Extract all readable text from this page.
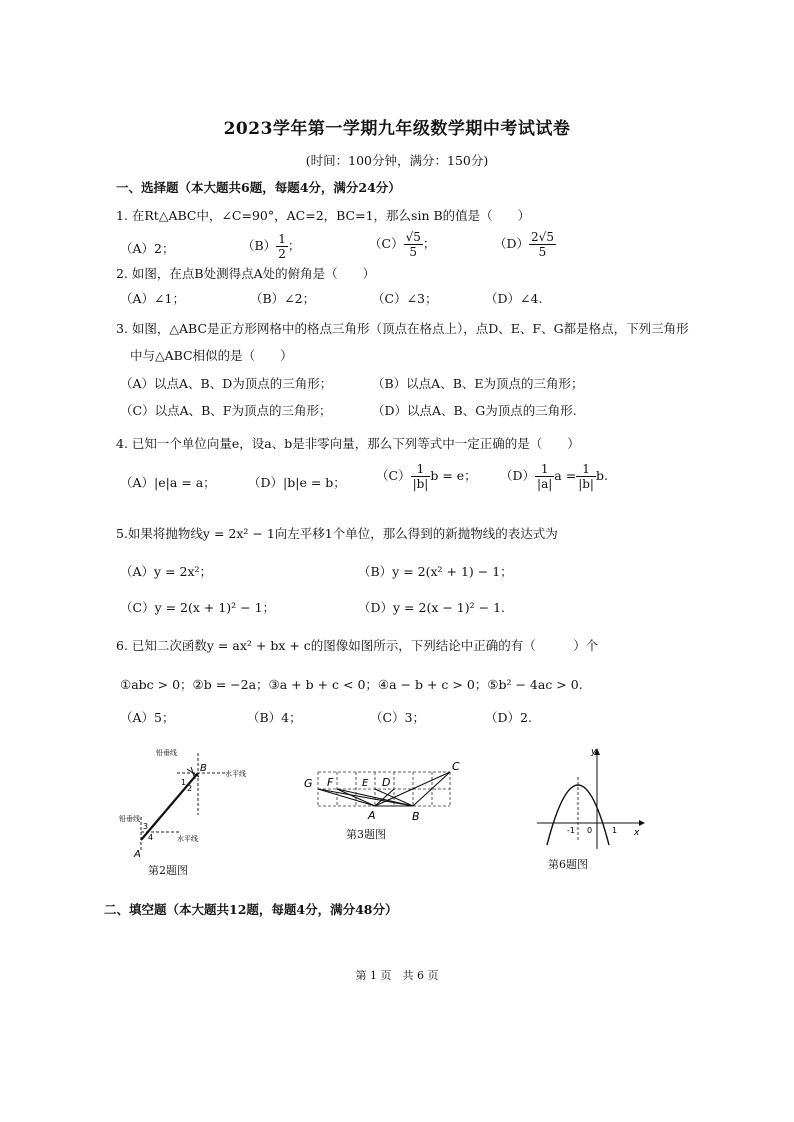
2023学年第一学期九年级数学期中考试试卷
(时间：100分钟，满分：150分)
一、选择题（本大题共6题，每题4分，满分24分）
1. 在Rt△ABC中，∠C=90°，AC=2，BC=1，那么sin B的值是（　　）
（A）2；	$(B) \frac{1}{2}$ ；	$(C) \frac{√5}{5}$ ；	$(D) \frac{2√5}{5}$
2. 如图，在点B处测得点A处的俯角是（　　）
（A）∠1；	（B）∠2；	（C）∠3；	（D）∠4.
3. 如图，△ABC是正方形网格中的格点三角形（顶点在格点上），点D、E、F、G都是格点，下列三角形
中与△ABC相似的是（　　）
（A）以点A、B、D为顶点的三角形；	（B）以点A、B、E为顶点的三角形；
（C）以点A、B、F为顶点的三角形；	（D）以点A、B、G为顶点的三角形.
4. 已知一个单位向量e，设a、b是非零向量，那么下列等式中一定正确的是（　　）
（A）|e|a = a；	（D）|b|e = b； $(C) \frac{1}{|b|}$ b = e； $(D) \frac{1}{|a|}$ $a = \frac{1}{|b|} b$.
5.如果将抛物线y = 2x² − 1向左平移1个单位，那么得到的新抛物线的表达式为
（A）y = 2x²；	（B）y = 2(x² + 1) − 1；
（C）y = 2(x + 1)² − 1；	（D）y = 2(x − 1)² − 1.
6. 已知二次函数y = ax² + bx + c的图像如图所示，下列结论中正确的有（　　　）个
①abc > 0；②b = −2a；③a + b + c < 0；④a − b + c > 0；⑤b² − 4ac > 0.
（A）5；	（B）4；	（C）3；	（D）2.
铅垂线
水平线
铅垂线
水平线
B
A
1
2
3
4
第2题图
G F	E D
C
A	B
第3题图
y
x
-1 0 1
第6题图
二、填空题（本大题共12题，每题4分，满分48分）
第 1 页　共 6 页
